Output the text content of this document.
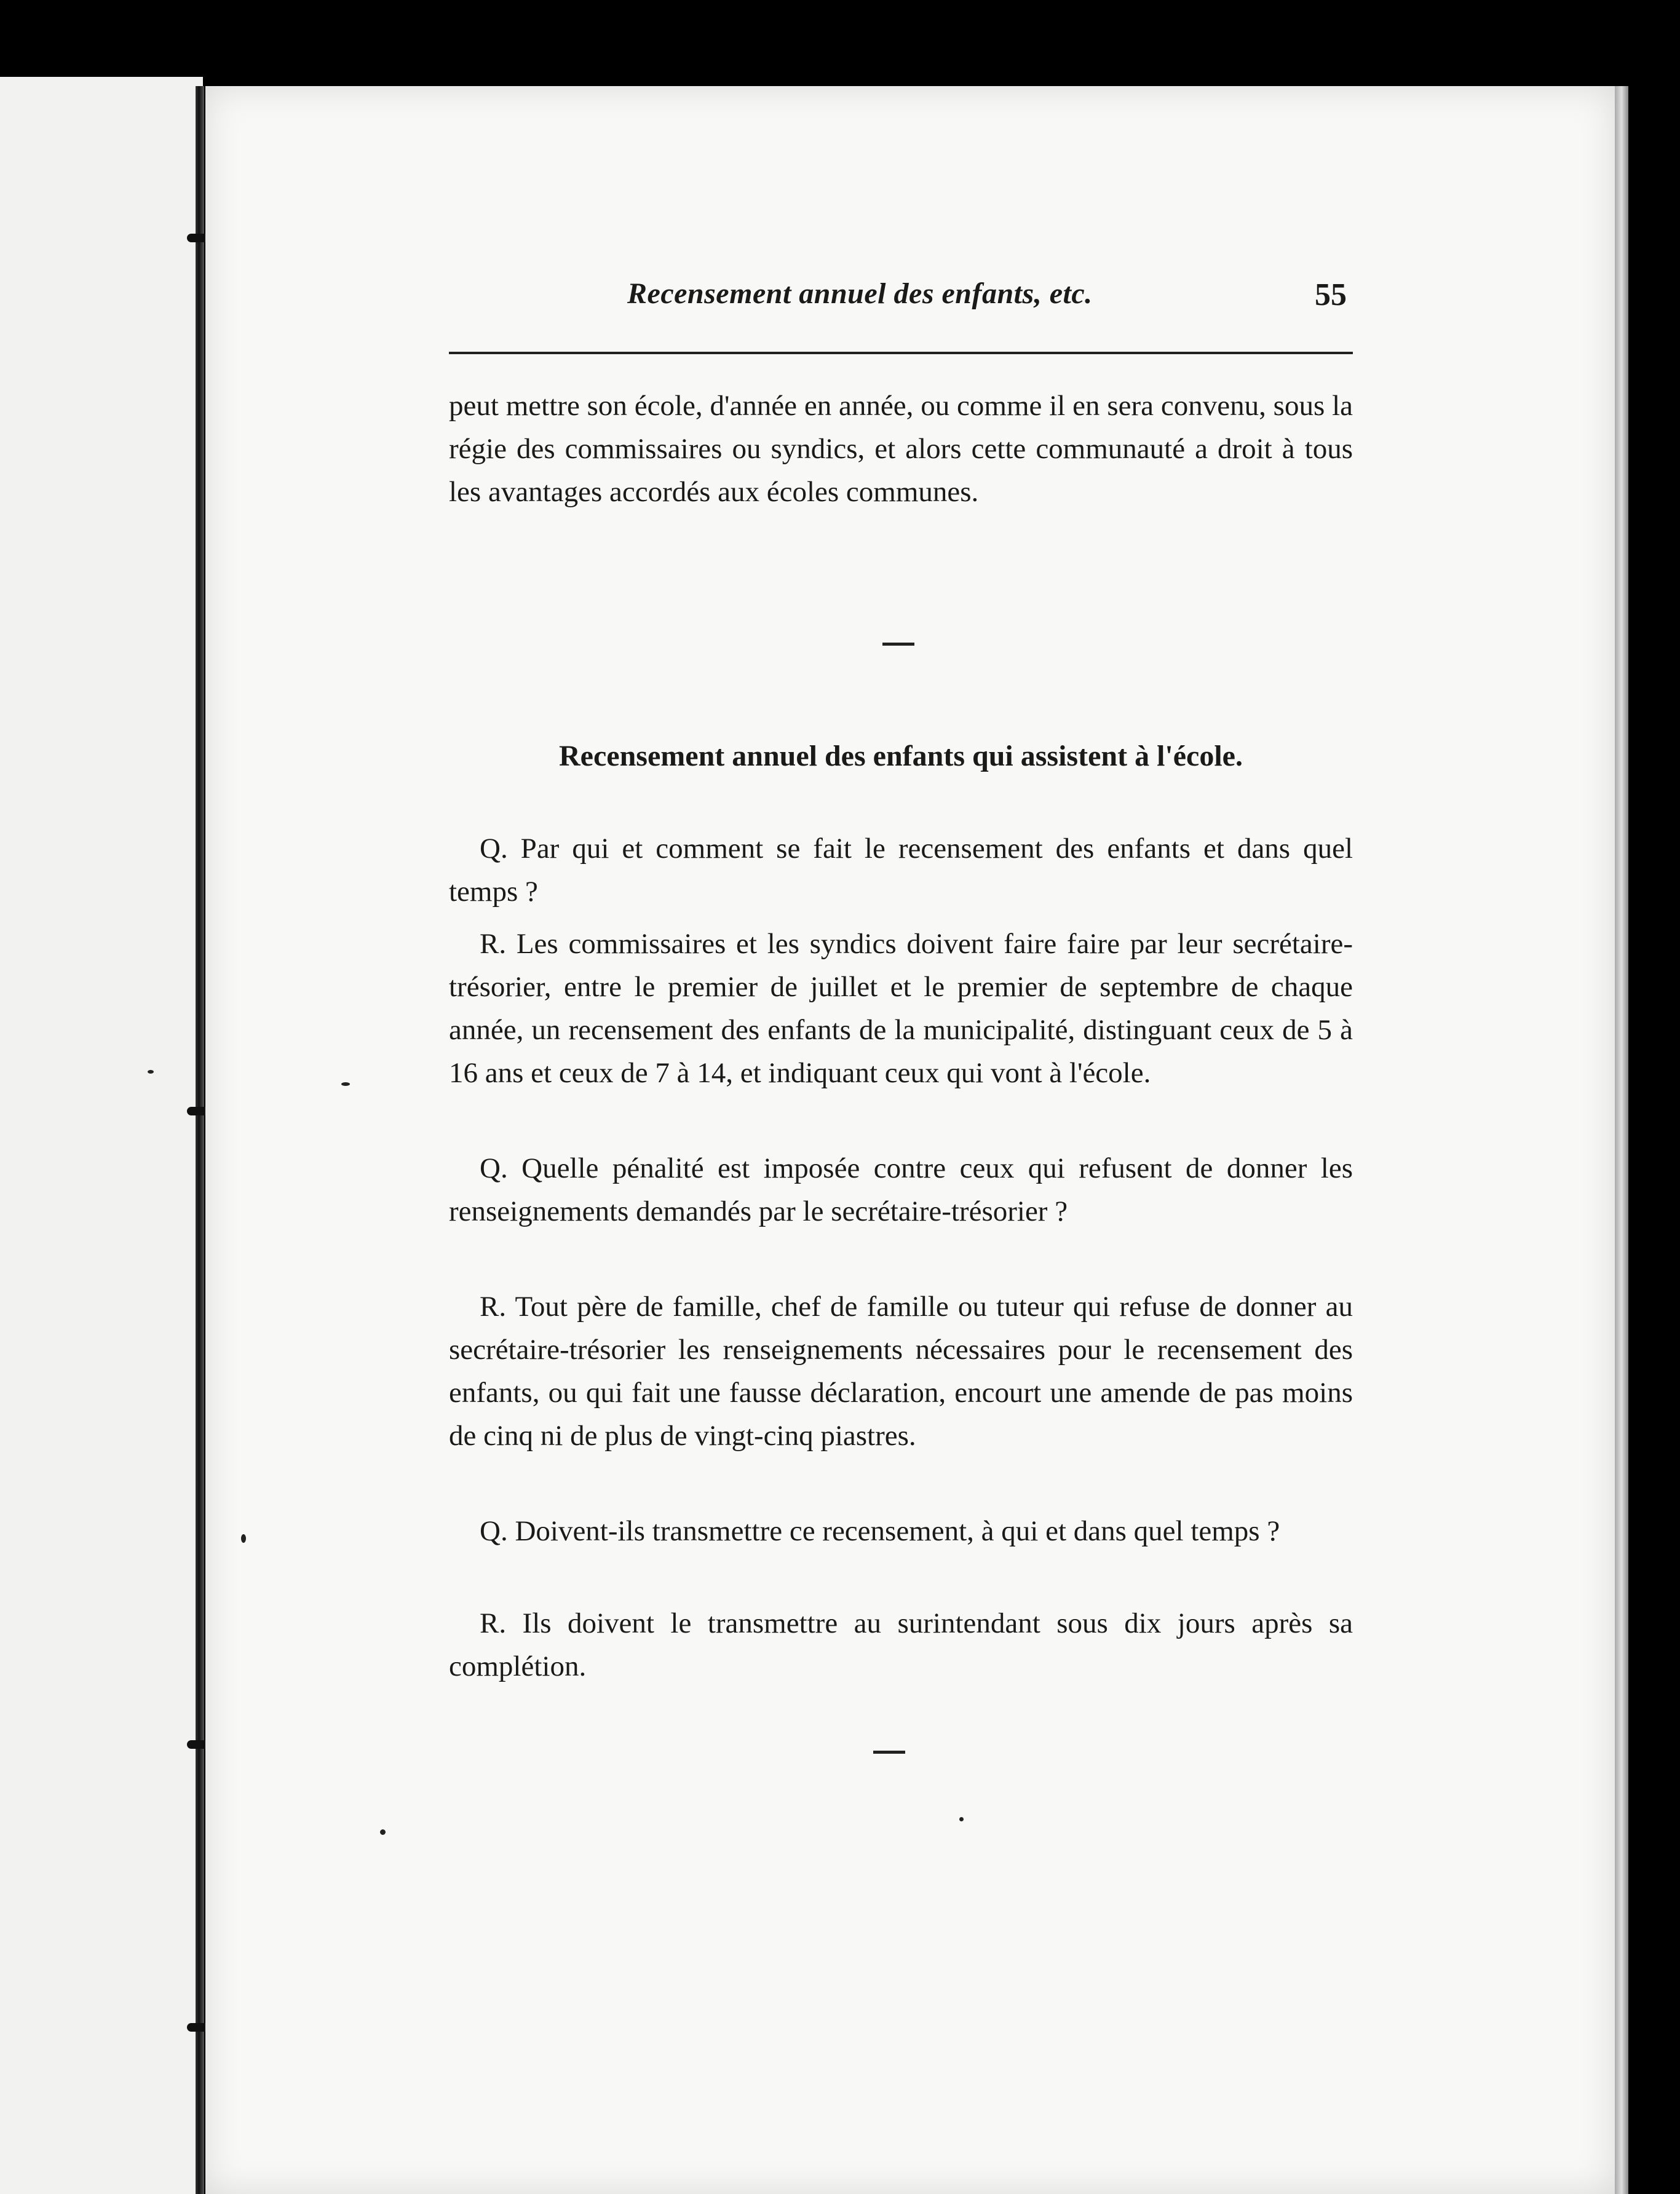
Recensement annuel des enfants, etc.	55

peut mettre son école, d'année en année, ou comme il en sera convenu, sous la régie des commissaires ou syndics, et alors cette communauté a droit à tous les avantages accordés aux écoles communes.

Recensement annuel des enfants qui assistent à l'école.

Q. Par qui et comment se fait le recensement des enfants et dans quel temps ?

R. Les commissaires et les syndics doivent faire faire par leur secrétaire-trésorier, entre le premier de juillet et le premier de septembre de chaque année, un recensement des enfants de la municipalité, distinguant ceux de 5 à 16 ans et ceux de 7 à 14, et indiquant ceux qui vont à l'école.

Q. Quelle pénalité est imposée contre ceux qui refusent de donner les renseignements demandés par le secrétaire-trésorier ?

R. Tout père de famille, chef de famille ou tuteur qui refuse de donner au secrétaire-trésorier les renseignements nécessaires pour le recensement des enfants, ou qui fait une fausse déclaration, encourt une amende de pas moins de cinq ni de plus de vingt-cinq piastres.

Q. Doivent-ils transmettre ce recensement, à qui et dans quel temps ?

R. Ils doivent le transmettre au surintendant sous dix jours après sa complétion.
